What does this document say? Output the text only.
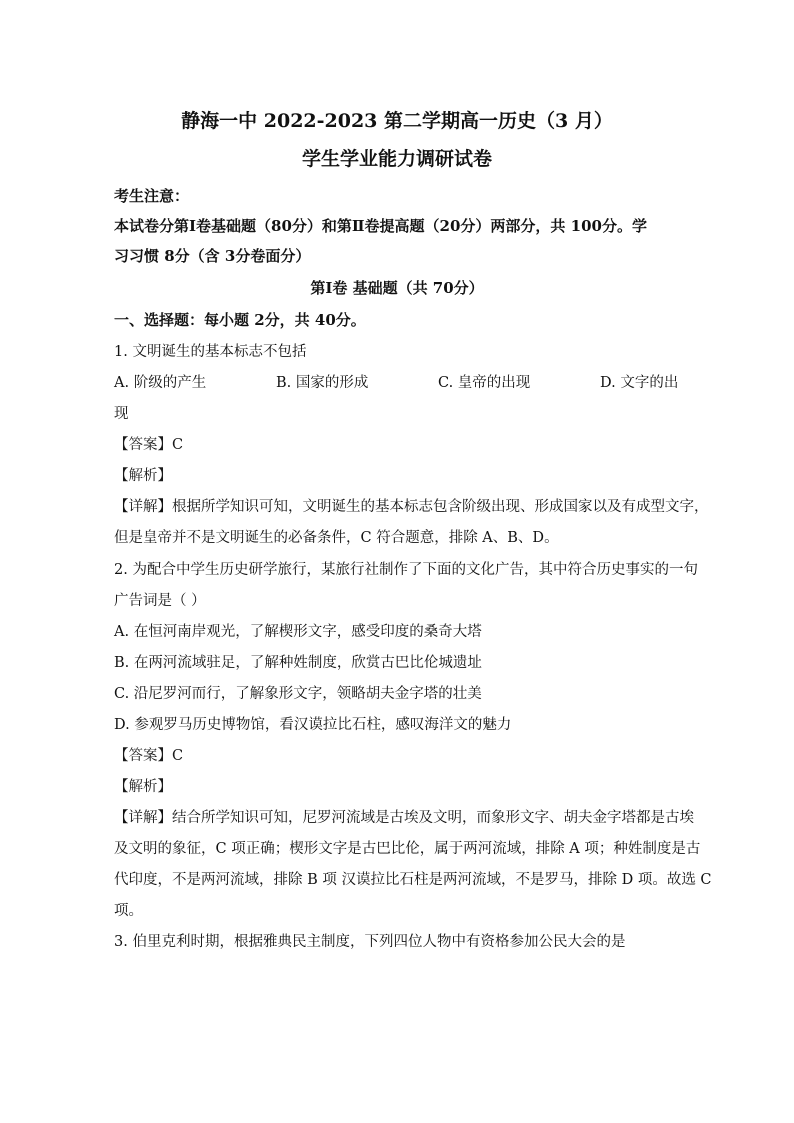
静海一中 2022-2023 第二学期高一历史（3 月）
学生学业能力调研试卷
考生注意：
本试卷分第Ⅰ卷基础题（80分）和第Ⅱ卷提高题（20分）两部分，共 100分。学
习习惯 8分（含 3分卷面分）
第Ⅰ卷 基础题（共 70分）
一、选择题：每小题 2分，共 40分。
1. 文明诞生的基本标志不包括
A. 阶级的产生	B. 国家的形成	C. 皇帝的出现	D. 文字的出
现
【答案】C
【解析】
【详解】根据所学知识可知，文明诞生的基本标志包含阶级出现、形成国家以及有成型文字，
但是皇帝并不是文明诞生的必备条件，C 符合题意，排除 A、B、D。
2. 为配合中学生历史研学旅行，某旅行社制作了下面的文化广告，其中符合历史事实的一句
广告词是（ ）
A. 在恒河南岸观光，了解楔形文字，感受印度的桑奇大塔
B. 在两河流域驻足，了解种姓制度，欣赏古巴比伦城遗址
C. 沿尼罗河而行，了解象形文字，领略胡夫金字塔的壮美
D. 参观罗马历史博物馆，看汉谟拉比石柱，感叹海洋文的魅力
【答案】C
【解析】
【详解】结合所学知识可知，尼罗河流域是古埃及文明，而象形文字、胡夫金字塔都是古埃
及文明的象征，C 项正确；楔形文字是古巴比伦，属于两河流域，排除 A 项；种姓制度是古
代印度，不是两河流域，排除 B 项 汉谟拉比石柱是两河流域，不是罗马，排除 D 项。故选 C
项。
3. 伯里克利时期，根据雅典民主制度，下列四位人物中有资格参加公民大会的是
